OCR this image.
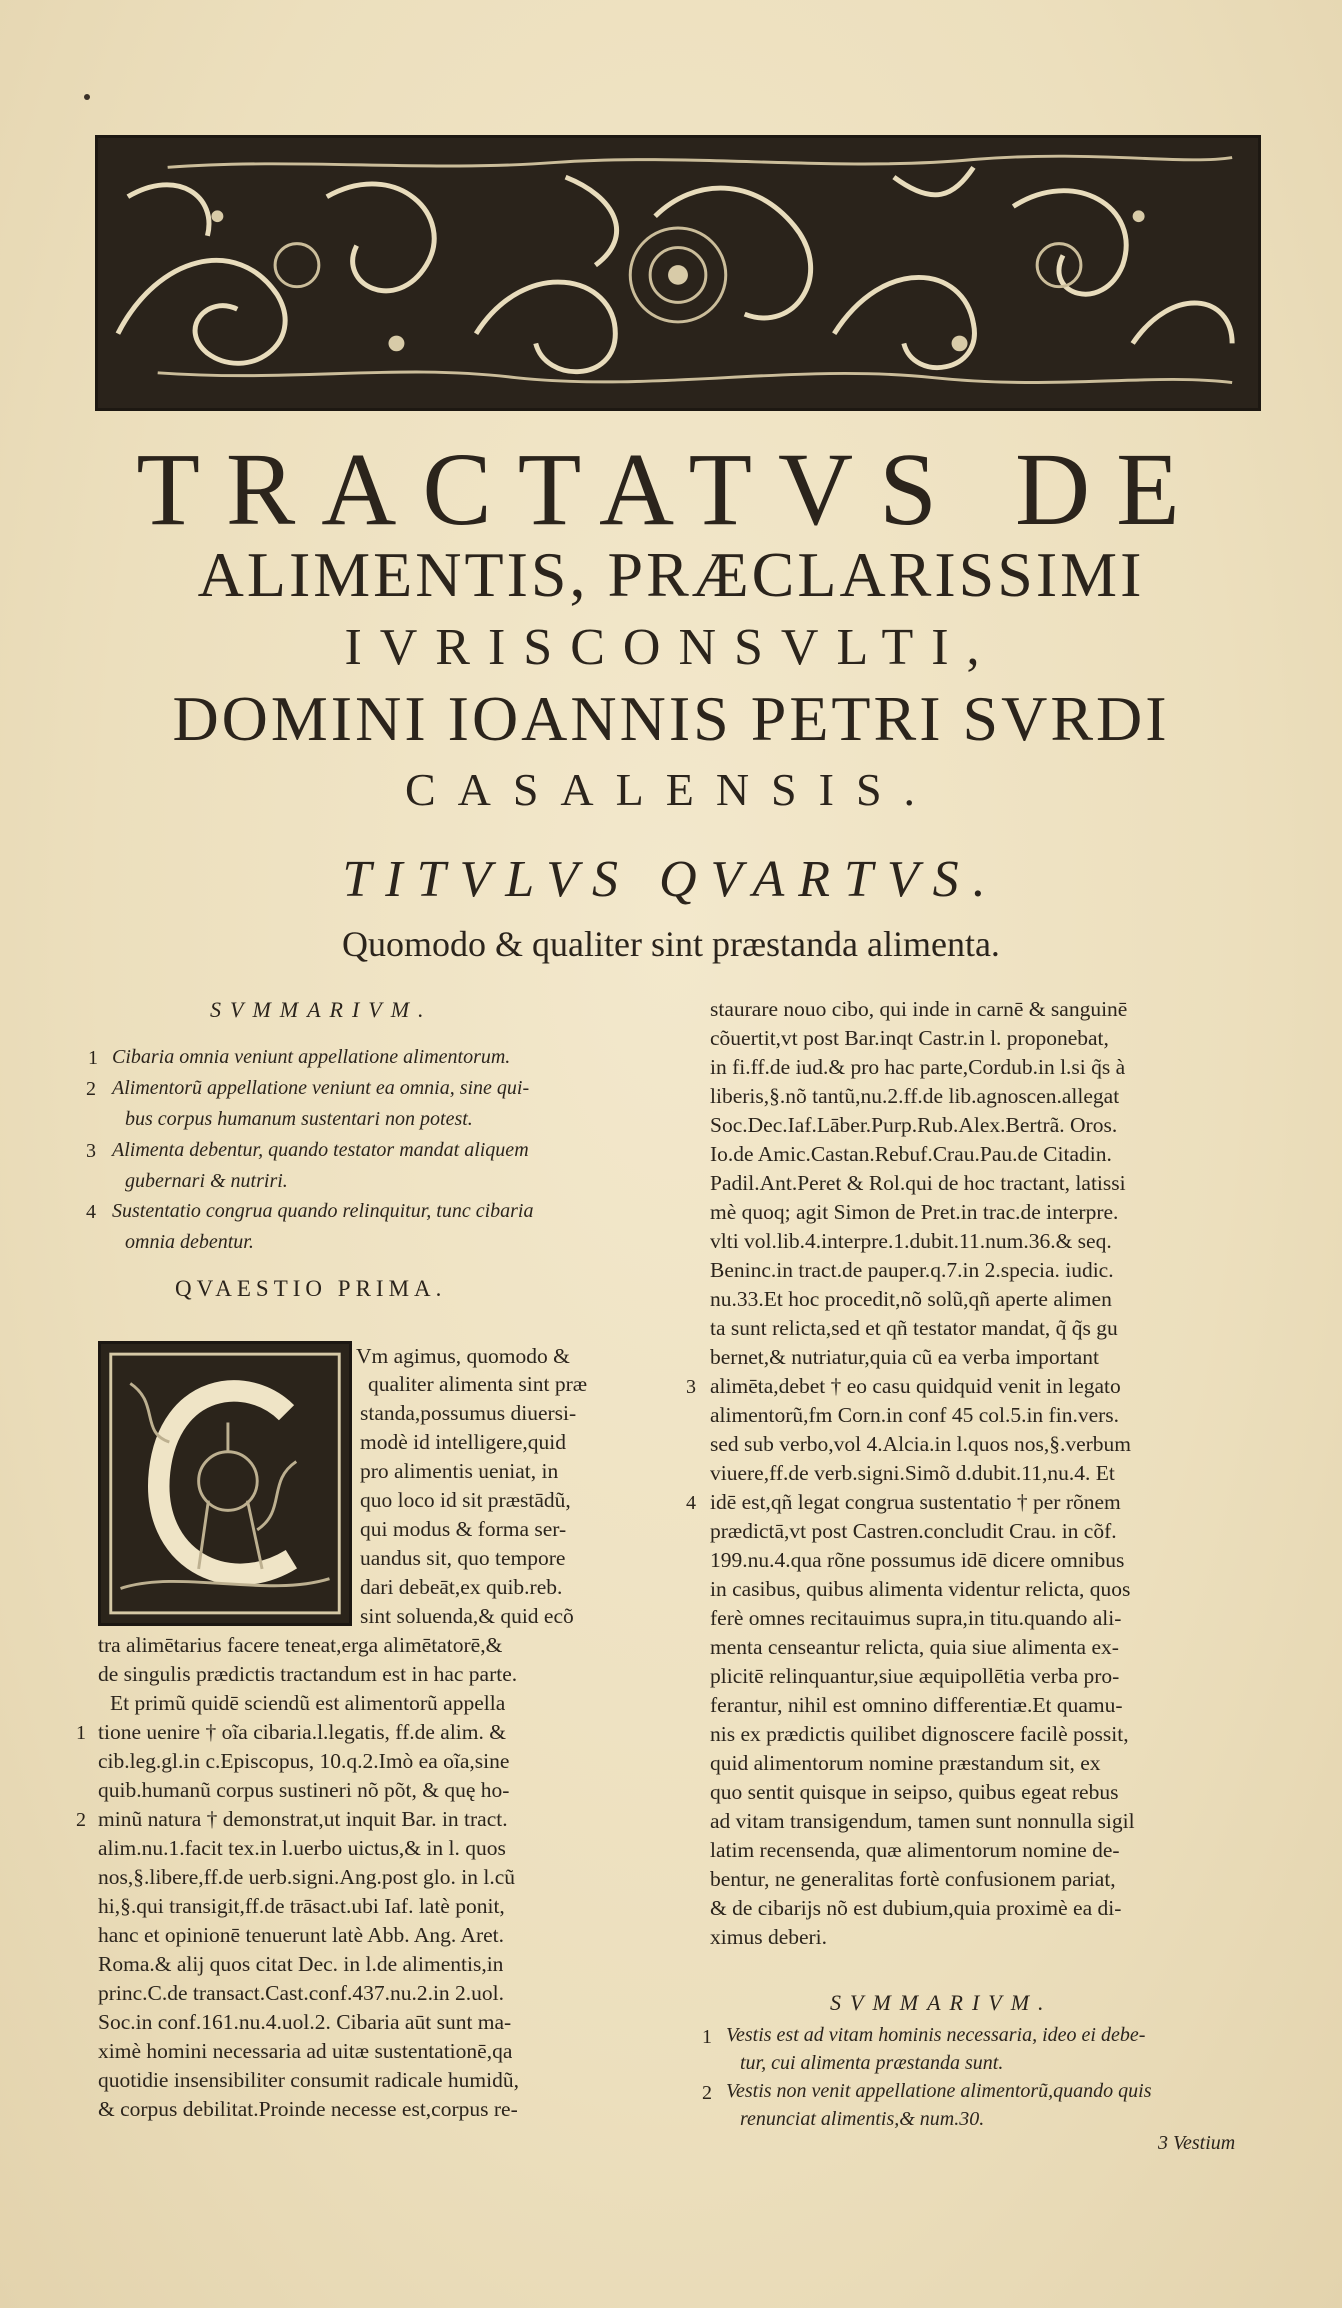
TRACTATVS DE
ALIMENTIS, PRÆCLARISSIMI
IVRISCONSVLTI,
DOMINI IOANNIS PETRI SVRDI
CASALENSIS.
TITVLVS QVARTVS.
Quomodo & qualiter sint præstanda alimenta.
SVMMARIVM.
1 Cibaria omnia veniunt appellatione alimentorum.
2 Alimentorũ appellatione veniunt ea omnia, sine qui-
bus corpus humanum sustentari non potest.
3 Alimenta debentur, quando testator mandat aliquem
gubernari & nutriri.
4 Sustentatio congrua quando relinquitur, tunc cibaria
omnia debentur.
QVAESTIO PRIMA.
Vm agimus, quomodo &
qualiter alimenta sint præ
standa,possumus diuersi-
modè id intelligere,quid
pro alimentis ueniat, in
quo loco id sit præstādũ,
qui modus & forma ser-
uandus sit, quo tempore
dari debeāt,ex quib.reb.
sint soluenda,& quid ecõ
tra alimētarius facere teneat,erga alimētatorē,&
de singulis prædictis tractandum est in hac parte.
Et primũ quidē sciendũ est alimentorũ appella
1 tione uenire † oĩa cibaria.l.legatis, ff.de alim. &
cib.leg.gl.in c.Episcopus, 10.q.2.Imò ea oĩa,sine
quib.humanũ corpus sustineri nõ põt, & quę ho-
2 minũ natura † demonstrat,ut inquit Bar. in tract.
alim.nu.1.facit tex.in l.uerbo uictus,& in l. quos
nos,§.libere,ff.de uerb.signi.Ang.post glo. in l.cũ
hi,§.qui transigit,ff.de trāsact.ubi Iaf. latè ponit,
hanc et opinionē tenuerunt latè Abb. Ang. Aret.
Roma.& alij quos citat Dec. in l.de alimentis,in
princ.C.de transact.Cast.conf.437.nu.2.in 2.uol.
Soc.in conf.161.nu.4.uol.2. Cibaria aūt sunt ma-
ximè homini necessaria ad uitæ sustentationē,qa
quotidie insensibiliter consumit radicale humidũ,
& corpus debilitat.Proinde necesse est,corpus re-
staurare nouo cibo, qui inde in carnē & sanguinē
cõuertit,vt post Bar.inqt Castr.in l. proponebat,
in fi.ff.de iud.& pro hac parte,Cordub.in l.si q̃s à
liberis,§.nõ tantũ,nu.2.ff.de lib.agnoscen.allegat
Soc.Dec.Iaf.Lāber.Purp.Rub.Alex.Bertrã. Oros.
Io.de Amic.Castan.Rebuf.Crau.Pau.de Citadin.
Padil.Ant.Peret & Rol.qui de hoc tractant, latissi
mè quoq; agit Simon de Pret.in trac.de interpre.
vlti vol.lib.4.interpre.1.dubit.11.num.36.& seq.
Beninc.in tract.de pauper.q.7.in 2.specia. iudic.
nu.33.Et hoc procedit,nõ solũ,qñ aperte alimen
ta sunt relicta,sed et qñ testator mandat, q̃ q̃s gu
bernet,& nutriatur,quia cũ ea verba important
3 alimēta,debet † eo casu quidquid venit in legato
alimentorũ,fm Corn.in conf 45 col.5.in fin.vers.
sed sub verbo,vol 4.Alcia.in l.quos nos,§.verbum
viuere,ff.de verb.signi.Simõ d.dubit.11,nu.4. Et
4 idē est,qñ legat congrua sustentatio † per rõnem
prædictā,vt post Castren.concludit Crau. in cõf.
199.nu.4.qua rõne possumus idē dicere omnibus
in casibus, quibus alimenta videntur relicta, quos
ferè omnes recitauimus supra,in titu.quando ali-
menta censeantur relicta, quia siue alimenta ex-
plicitē relinquantur,siue æquipollētia verba pro-
ferantur, nihil est omnino differentiæ.Et quamu-
nis ex prædictis quilibet dignoscere facilè possit,
quid alimentorum nomine præstandum sit, ex
quo sentit quisque in seipso, quibus egeat rebus
ad vitam transigendum, tamen sunt nonnulla sigil
latim recensenda, quæ alimentorum nomine de-
bentur, ne generalitas fortè confusionem pariat,
& de cibarijs nõ est dubium,quia proximè ea di-
ximus deberi.
SVMMARIVM.
1 Vestis est ad vitam hominis necessaria, ideo ei debe-
tur, cui alimenta præstanda sunt.
2 Vestis non venit appellatione alimentorũ,quando quis
renunciat alimentis,& num.30.
3 Vestium
